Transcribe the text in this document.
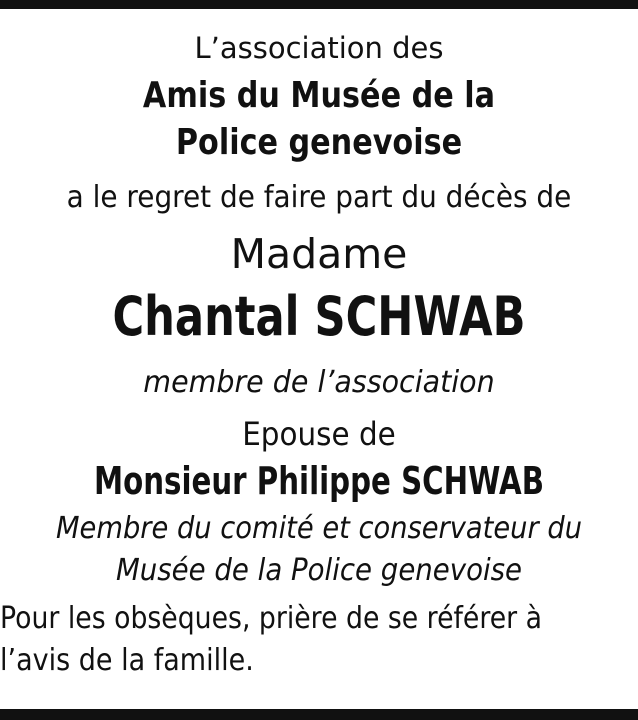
L’association des
Amis du Musée de la
Police genevoise
a le regret de faire part du décès de
Madame
Chantal SCHWAB
membre de l’association
Epouse de
Monsieur Philippe SCHWAB
Membre du comité et conservateur du
Musée de la Police genevoise
Pour les obsèques, prière de se référer à
l’avis de la famille.
